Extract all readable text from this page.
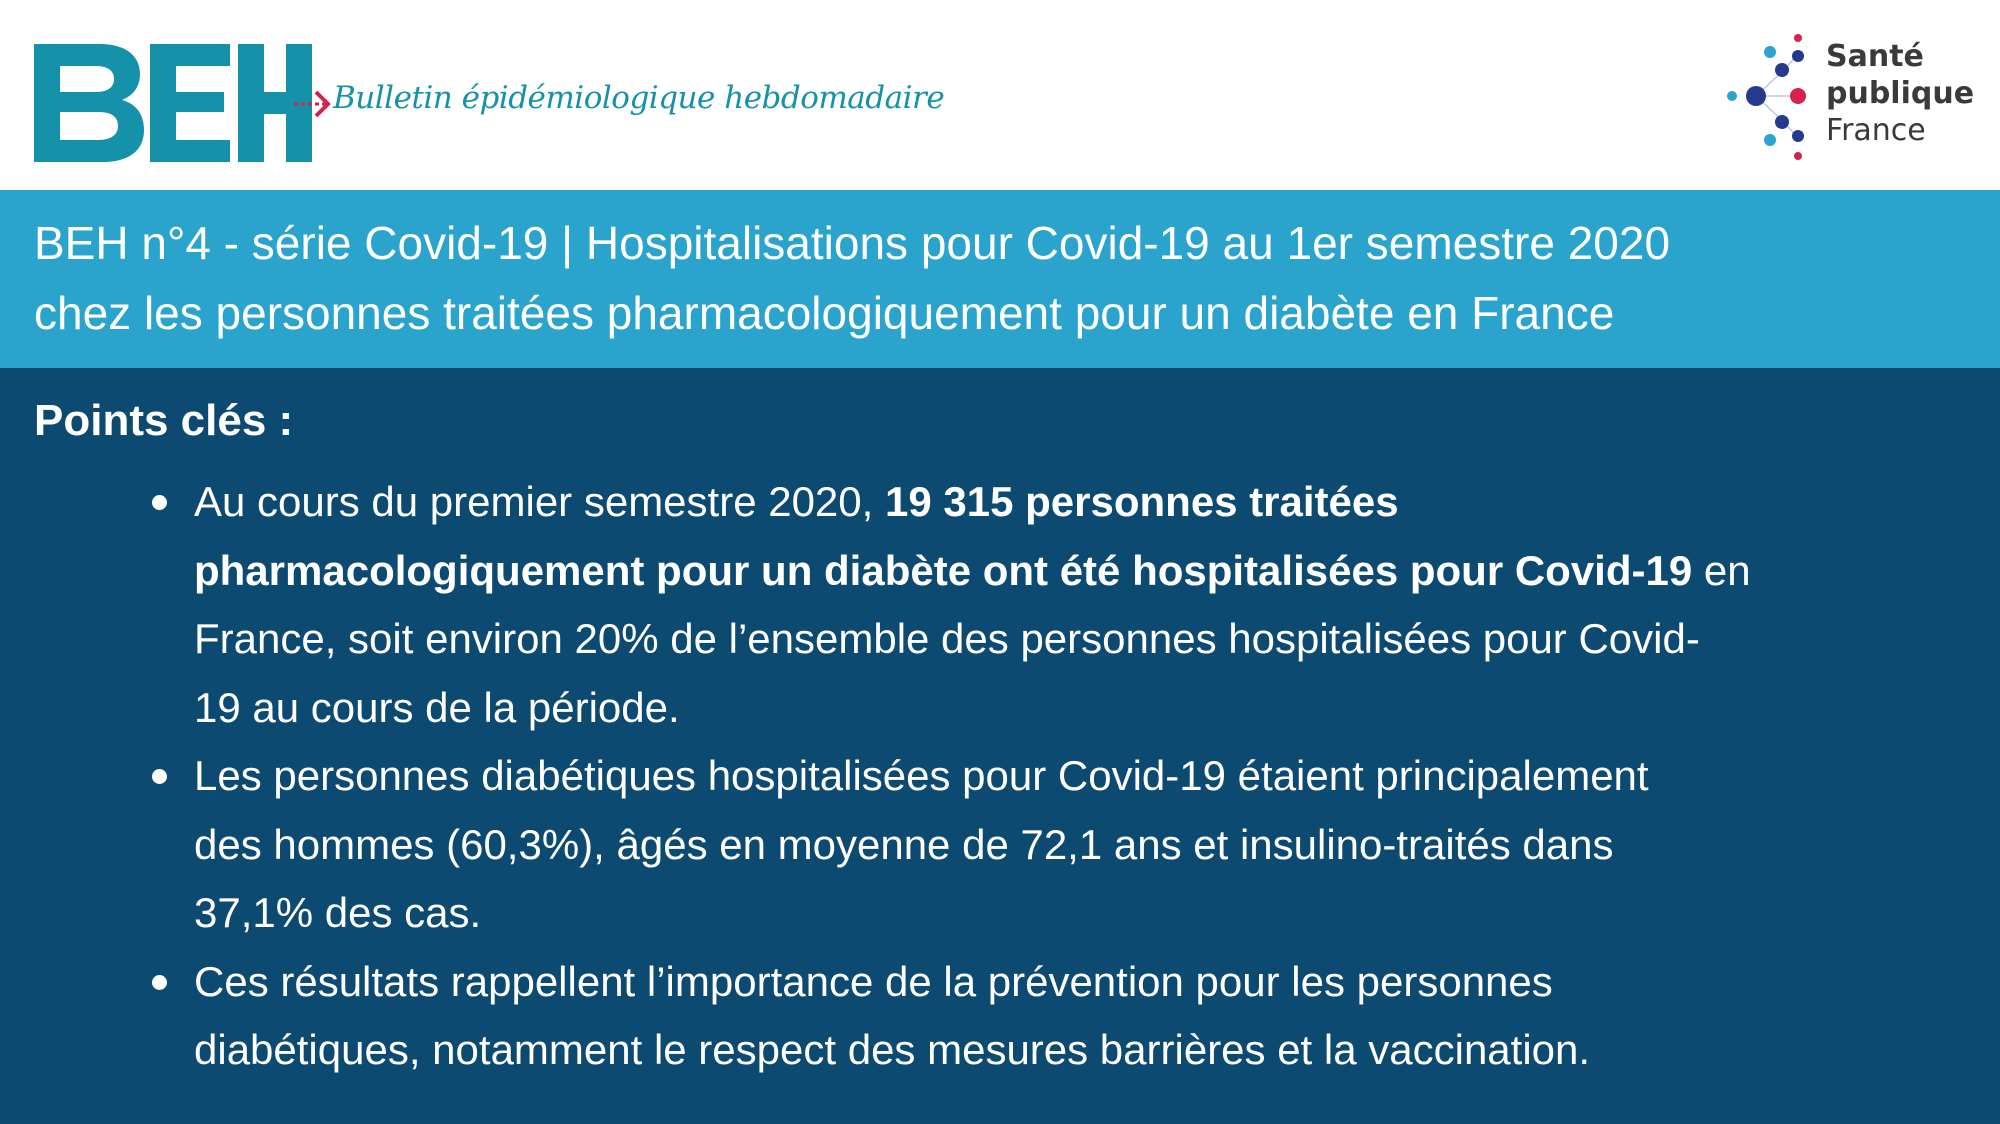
Bulletin épidémiologique hebdomadaire
Santé
publique
France
BEH n°4 - série Covid-19 | Hospitalisations pour Covid-19 au 1er semestre 2020
chez les personnes traitées pharmacologiquement pour un diabète en France
Points clés :
Au cours du premier semestre 2020, 19 315 personnes traitées
pharmacologiquement pour un diabète ont été hospitalisées pour Covid-19 en
France, soit environ 20% de l’ensemble des personnes hospitalisées pour Covid-
19 au cours de la période.
Les personnes diabétiques hospitalisées pour Covid-19 étaient principalement
des hommes (60,3%), âgés en moyenne de 72,1 ans et insulino-traités dans
37,1% des cas.
Ces résultats rappellent l’importance de la prévention pour les personnes
diabétiques, notamment le respect des mesures barrières et la vaccination.
